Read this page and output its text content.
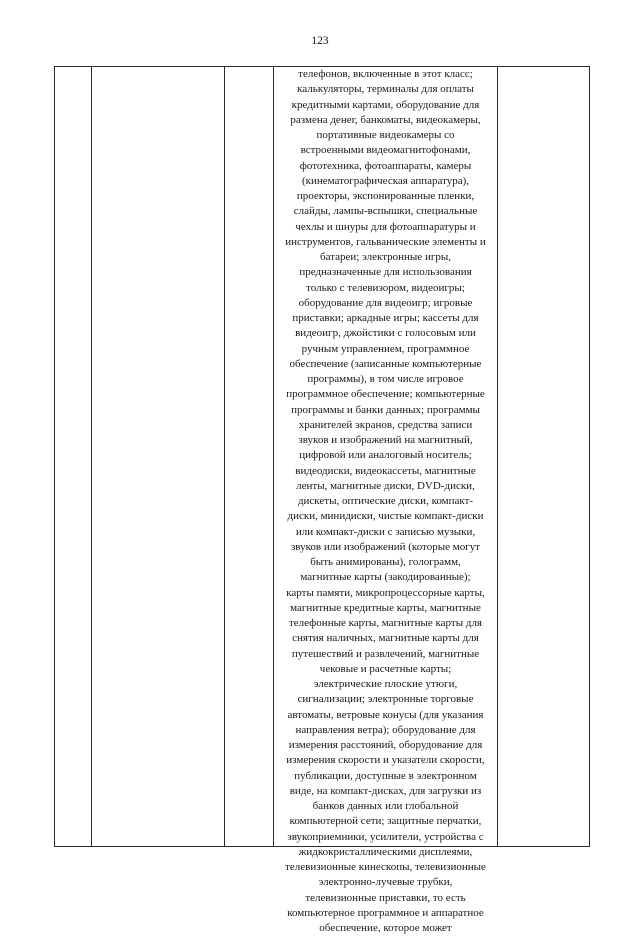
123
телефонов, включенные в этот класс;
калькуляторы, терминалы для оплаты
кредитными картами, оборудование для
размена денег, банкоматы, видеокамеры,
портативные видеокамеры со
встроенными видеомагнитофонами,
фототехника, фотоаппараты, камеры
(кинематографическая аппаратура),
проекторы, экспонированные пленки,
слайды, лампы-вспышки, специальные
чехлы и шнуры для фотоаппаратуры и
инструментов, гальванические элементы и
батареи; электронные игры,
предназначенные для использования
только с телевизором, видеоигры;
оборудование для видеоигр; игровые
приставки; аркадные игры; кассеты для
видеоигр, джойстики с голосовым или
ручным управлением, программное
обеспечение (записанные компьютерные
программы), в том числе игровое
программное обеспечение; компьютерные
программы и банки данных; программы
хранителей экранов, средства записи
звуков и изображений на магнитный,
цифровой или аналоговый носитель;
видеодиски, видеокассеты, магнитные
ленты, магнитные диски, DVD-диски,
дискеты, оптические диски, компакт-
диски, минидиски, чистые компакт-диски
или компакт-диски с записью музыки,
звуков или изображений (которые могут
быть анимированы), голограмм,
магнитные карты (закодированные);
карты памяти, микропроцессорные карты,
магнитные кредитные карты, магнитные
телефонные карты, магнитные карты для
снятия наличных, магнитные карты для
путешествий и развлечений, магнитные
чековые и расчетные карты;
электрические плоские утюги,
сигнализации; электронные торговые
автоматы, ветровые конусы (для указания
направления ветра); оборудование для
измерения расстояний, оборудование для
измерения скорости и указатели скорости,
публикации, доступные в электронном
виде, на компакт-дисках, для загрузки из
банков данных или глобальной
компьютерной сети; защитные перчатки,
звукоприемники, усилители, устройства с
жидкокристаллическими дисплеями,
телевизионные кинескопы, телевизионные
электронно-лучевые трубки,
телевизионные приставки, то есть
компьютерное программное и аппаратное
обеспечение, которое может
